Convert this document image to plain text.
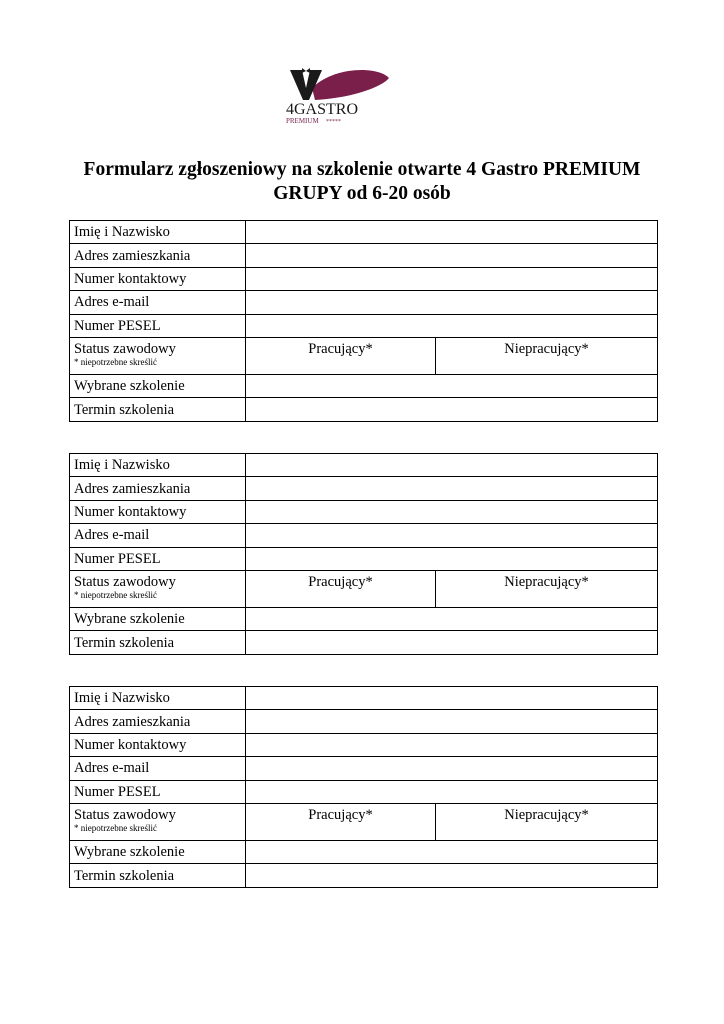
4GASTRO
PREMIUM *****
Formularz zgłoszeniowy na szkolenie otwarte 4 Gastro PREMIUM
GRUPY od 6-20 osób
Imię i Nazwisko		
Adres zamieszkania		
Numer kontaktowy		
Adres e-mail		
Numer PESEL		
Status zawodowy
* niepotrzebne skreślić	Pracujący*	Niepracujący*
Wybrane szkolenie		
Termin szkolenia		
Imię i Nazwisko		
Adres zamieszkania		
Numer kontaktowy		
Adres e-mail		
Numer PESEL		
Status zawodowy
* niepotrzebne skreślić	Pracujący*	Niepracujący*
Wybrane szkolenie		
Termin szkolenia		
Imię i Nazwisko		
Adres zamieszkania		
Numer kontaktowy		
Adres e-mail		
Numer PESEL		
Status zawodowy
* niepotrzebne skreślić	Pracujący*	Niepracujący*
Wybrane szkolenie		
Termin szkolenia		
